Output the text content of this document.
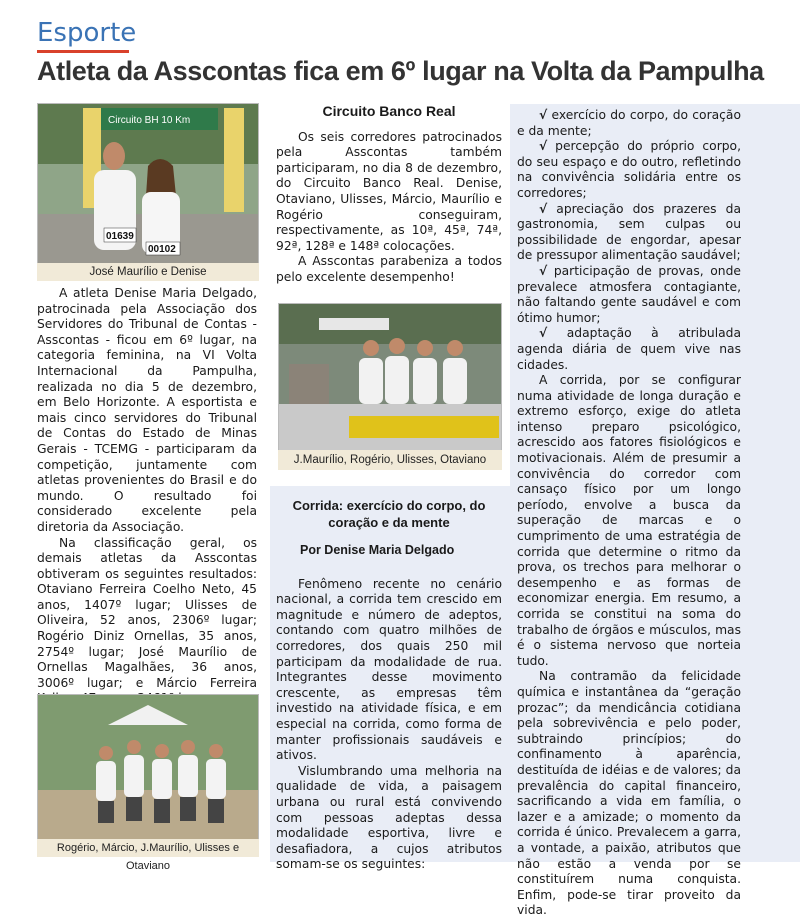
Esporte
Atleta da Asscontas fica em 6º lugar na Volta da Pampulha
Circuito BH 10 Km
01639
00102
José Maurílio e Denise

A atleta Denise Maria Delgado, patrocinada pela Associação dos Servidores do Tribunal de Contas - Asscontas - ficou em 6º lugar, na categoria feminina, na VI Volta Internacional da Pampulha, realizada no dia 5 de dezembro, em Belo Horizonte. A esportista e mais cinco servidores do Tribunal de Contas do Estado de Minas Gerais - TCEMG - participaram da competição, juntamente com atletas provenientes do Brasil e do mundo. O resultado foi considerado excelente pela diretoria da Associação.

Na classificação geral, os demais atletas da Asscontas obtiveram os seguintes resultados: Otaviano Ferreira Coelho Neto, 45 anos, 1407º lugar; Ulisses de Oliveira, 52 anos, 2306º lugar; Rogério Diniz Ornellas, 35 anos, 2754º lugar; José Maurílio de Ornellas Magalhães, 36 anos, 3006º lugar; e Márcio Ferreira

Rogério, Márcio, J.Maurílio, Ulisses e Otaviano
Circuito Banco Real

Os seis corredores patrocinados pela Asscontas também participaram, no dia 8 de dezembro, do Circuito Banco Real. Denise, Otaviano, Ulisses, Márcio, Maurílio e Rogério conseguiram, respectivamente, as 10ª, 45ª, 74ª, 92ª, 128ª e 148ª colocações.

A Asscontas parabeniza a todos pelo excelente desempenho!

J.Maurílio, Rogério, Ulisses, Otaviano
Corrida: exercício do corpo, do coração e da mente
Por Denise Maria Delgado

Fenômeno recente no cenário nacional, a corrida tem crescido em magnitude e número de adeptos, contando com quatro milhões de corredores, dos quais 250 mil participam da modalidade de rua. Integrantes desse movimento crescente, as empresas têm investido na atividade física, e em especial na corrida, como forma de manter profissionais saudáveis e ativos.

Vislumbrando uma melhoria na qualidade de vida, a paisagem urbana ou rural está convivendo com pessoas adeptas dessa modalidade esportiva, livre e desafiadora, a cujos atributos somam-se os seguintes:

√ exercício do corpo, do coração e da mente;

√ percepção do próprio corpo, do seu espaço e do outro, refletindo na convivência solidária entre os corredores;

√ apreciação dos prazeres da gastronomia, sem culpas ou possibilidade de engordar, apesar de pressupor alimentação saudável;

√ participação de provas, onde prevalece atmosfera contagiante, não faltando gente saudável e com ótimo humor;

√ adaptação à atribulada agenda diária de quem vive nas cidades.

A corrida, por se configurar numa atividade de longa duração e extremo esforço, exige do atleta intenso preparo psicológico, acrescido aos fatores fisiológicos e motivacionais. Além de presumir a convivência do corredor com cansaço físico por um longo período, envolve a busca da superação de marcas e o cumprimento de uma estratégia de corrida que determine o ritmo da prova, os trechos para melhorar o desempenho e as formas de economizar energia. Em resumo, a corrida se constitui na soma do trabalho de órgãos e músculos, mas é o sistema nervoso que norteia tudo.

Na contramão da felicidade química e instantânea da “geração prozac”; da mendicância cotidiana pela sobrevivência e pelo poder, subtraindo princípios; do confinamento à aparência, destituída de idéias e de valores; da prevalência do capital financeiro, sacrificando a vida em família, o lazer e a amizade; o momento da corrida é único. Prevalecem a garra, a vontade, a paixão, atributos que não estão a venda por se constituírem numa conquista. Enfim, pode-se tirar proveito da vida.
